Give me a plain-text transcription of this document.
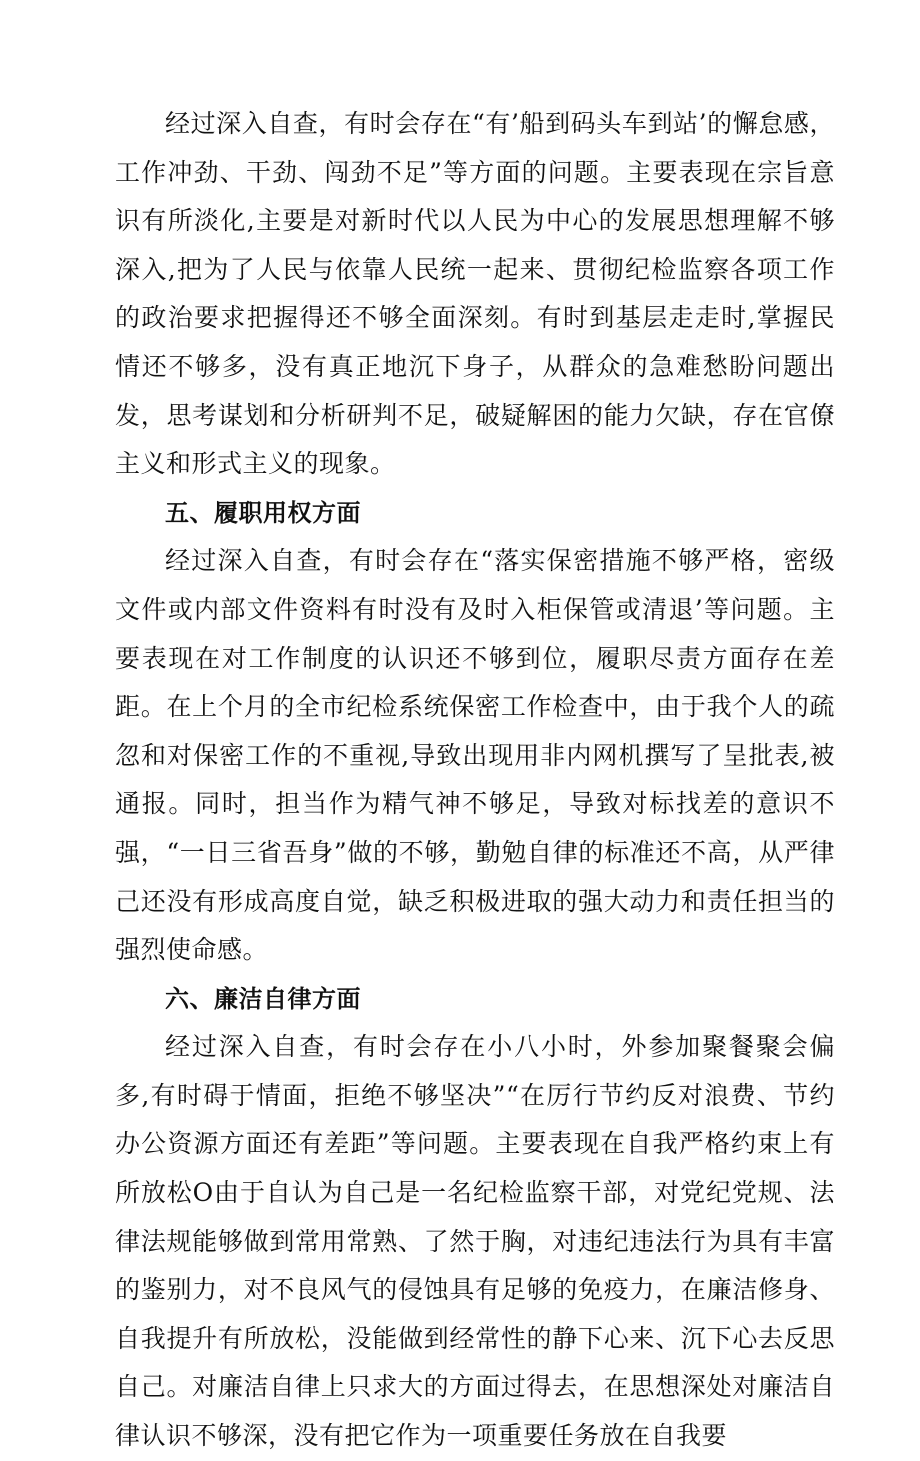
经过深入自查，有时会存在“有’船到码头车到站’的懈怠感，工作冲劲、干劲、闯劲不足”等方面的问题。主要表现在宗旨意识有所淡化,主要是对新时代以人民为中心的发展思想理解不够深入,把为了人民与依靠人民统一起来、贯彻纪检监察各项工作的政治要求把握得还不够全面深刻。有时到基层走走时,掌握民情还不够多，没有真正地沉下身子，从群众的急难愁盼问题出发，思考谋划和分析研判不足，破疑解困的能力欠缺，存在官僚主义和形式主义的现象。

五、履职用权方面

经过深入自查，有时会存在“落实保密措施不够严格，密级文件或内部文件资料有时没有及时入柜保管或清退’等问题。主要表现在对工作制度的认识还不够到位，履职尽责方面存在差距。在上个月的全市纪检系统保密工作检查中，由于我个人的疏忽和对保密工作的不重视,导致出现用非内网机撰写了呈批表,被通报。同时，担当作为精气神不够足，导致对标找差的意识不强，“一日三省吾身”做的不够，勤勉自律的标准还不高，从严律己还没有形成高度自觉，缺乏积极进取的强大动力和责任担当的强烈使命感。

六、廉洁自律方面

经过深入自查，有时会存在小八小时，外参加聚餐聚会偏多,有时碍于情面，拒绝不够坚决”“在厉行节约反对浪费、节约办公资源方面还有差距”等问题。主要表现在自我严格约束上有所放松O由于自认为自己是一名纪检监察干部，对党纪党规、法律法规能够做到常用常熟、了然于胸，对违纪违法行为具有丰富的鉴别力，对不良风气的侵蚀具有足够的免疫力，在廉洁修身、自我提升有所放松，没能做到经常性的静下心来、沉下心去反思自己。对廉洁自律上只求大的方面过得去，在思想深处对廉洁自律认识不够深，没有把它作为一项重要任务放在自我要
